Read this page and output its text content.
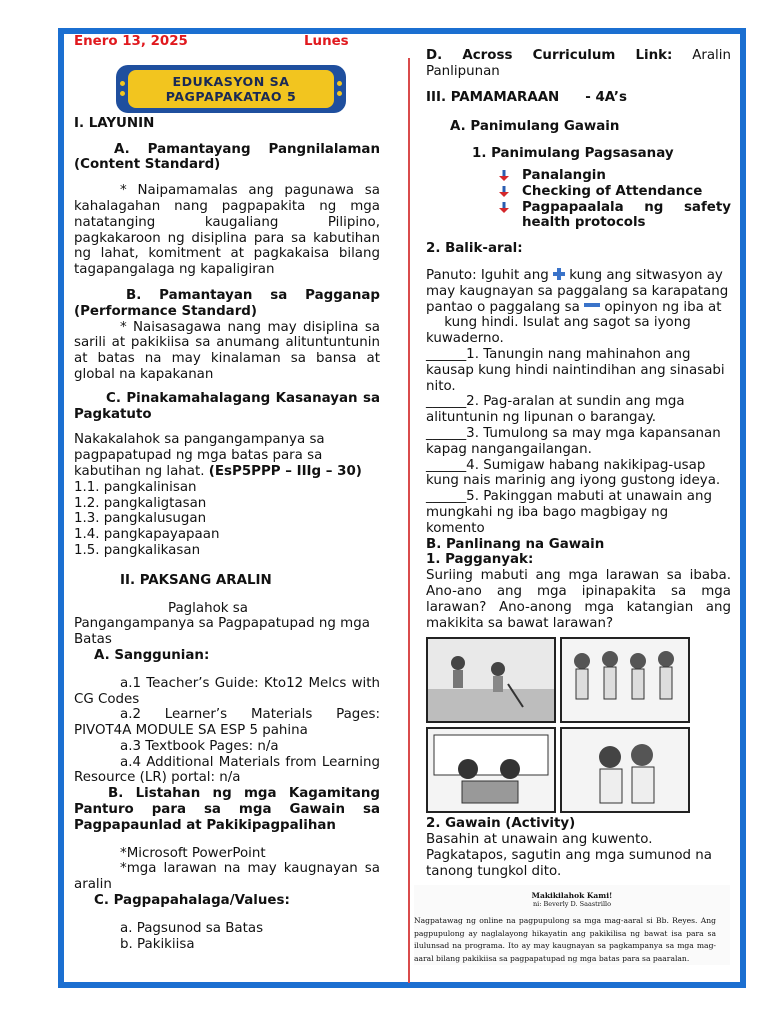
Enero 13, 2025	Lunes
EDUKASYON SA
PAGPAPAKATAO 5

I. LAYUNIN

A. Pamantayang Pangnilalaman (Content Standard)

* Naipamamalas ang pagunawa sa kahalagahan nang pagpapakita ng mga natatanging kaugaliang Pilipino, pagkakaroon ng disiplina para sa kabutihan ng lahat, komitment at pagkakaisa bilang tagapangalaga ng kapaligiran

B. Pamantayan sa Pagganap (Performance Standard)

* Naisasagawa nang may disiplina sa sarili at pakikiisa sa anumang alituntuntunin at batas na may kinalaman sa bansa at global na kapakanan

C. Pinakamahalagang Kasanayan sa Pagkatuto

Nakakalahok sa pangangampanya sa pagpapatupad ng mga batas para sa kabutihan ng lahat. (EsP5PPP – IIIg – 30)

1.1. pangkalinisan
1.2. pangkaligtasan
1.3. pangkalusugan
1.4. pangkapayapaan
1.5. pangkalikasan

II. PAKSANG ARALIN

Paglahok sa

Pangangampanya sa Pagpapatupad ng mga Batas

A. Sanggunian:

a.1 Teacher’s Guide: Kto12 Melcs with CG Codes

a.2 Learner’s Materials Pages: PIVOT4A MODULE SA ESP 5 pahina

a.3 Textbook Pages: n/a

a.4 Additional Materials from Learning Resource (LR) portal: n/a

B. Listahan ng mga Kagamitang Panturo para sa mga Gawain sa Pagpapaunlad at Pakikipagpalihan

*Microsoft PowerPoint

*mga larawan na may kaugnayan sa aralin

C. Pagpapahalaga/Values:

a. Pagsunod sa Batas

b. Pakikiisa

D. Across Curriculum Link: Aralin Panlipunan

III. PAMAMARAAN - 4A’s

A. Panimulang Gawain

1. Panimulang Pagsasanay

Panalangin
Checking of Attendance
Pagpapaalala ng safety health protocols

2. Balik-aral:

Panuto: Iguhit ang kung ang sitwasyon ay may kaugnayan sa paggalang sa karapatang pantao o paggalang sa opinyon ng iba at  kung hindi. Isulat ang sagot sa iyong kuwaderno.

______1. Tanungin nang mahinahon ang kausap kung hindi naintindihan ang sinasabi nito.

______2. Pag-aralan at sundin ang mga alituntunin ng lipunan o barangay.

______3. Tumulong sa may mga kapansanan kapag nangangailangan.

______4. Sumigaw habang nakikipag-usap kung nais marinig ang iyong gustong ideya.

______5. Pakinggan mabuti at unawain ang mungkahi ng iba bago magbigay ng komento

B. Panlinang na Gawain

1. Pagganyak:

Suriing mabuti ang mga larawan sa ibaba. Ano-ano ang mga ipinapakita sa mga larawan? Ano-anong mga katangian ang makikita sa bawat larawan?

2. Gawain (Activity)

Basahin at unawain ang kuwento. Pagkatapos, sagutin ang mga sumunod na tanong tungkol dito.

Makikilahok Kami!
ni: Beverly D. Saastrillo
Nagpatawag ng online na pagpupulong sa mga mag-aaral si Bb. Reyes. Ang pagpupulong ay naglalayong hikayatin ang pakikilisa ng bawat isa para sa ilulunsad na programa. Ito ay may kaugnayan sa pagkampanya sa mga mag-aaral bilang pakikiisa sa pagpapatupad ng mga batas para sa paaralan.
